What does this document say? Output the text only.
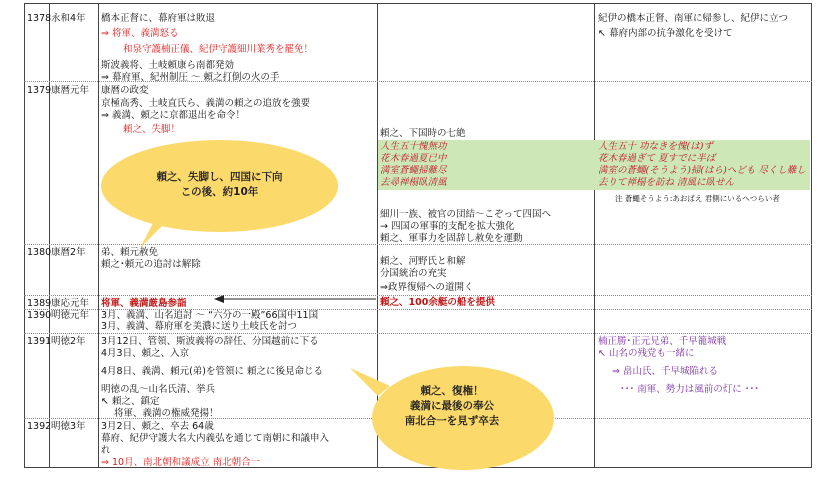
1378 永和4年
1379 康暦元年
1380 康暦2年
1389 康応元年
1390 明徳元年
1391 明徳2年
1392 明徳3年
橋本正督に、幕府軍は敗退
⇒ 将軍、義満怒る
和泉守護楠正儀、紀伊守護細川業秀を罷免！
斯波義将、土岐頼康ら南都発効
⇒ 幕府軍、紀州制圧 ～ 頼之打倒の火の手
康暦の政変
京極高秀、土岐直氏ら、義満の頼之の追放を強要
⇒ 義満、頼之に京都退出を命令！
頼之、失脚！
弟、頼元赦免
頼之･頼元の追討は解除
将軍、義満厳島参詣
3月、義満、山名追討 ～ “六分の一殿”66国中11国
3月、義満、幕府軍を美濃に送り土岐氏を討つ
3月12日、管領、斯波義将の辞任、分国越前に下る
4月3日、頼之、入京
4月8日、義満、頼元(弟)を管領に 頼之に後見命じる
明徳の乱～山名氏清、挙兵
↖ 頼之、鎮定
将軍、義満の権威発揚！
3月2日、頼之、卒去 64歳
幕府、紀伊守護大名大内義弘を通じて南朝に和議申入
れ
⇒ 10月、南北朝和議成立 南北朝合一
頼之、下国時の七絶
人生五十愧無功
花木春過夏已中
満室蒼蠅掃難尽
去尋禅榻臥清風
細川一族、被官の団結～こぞって四国へ
→ 四国の軍事的支配を拡大強化
頼之、軍事力を固辞し赦免を運動
頼之、河野氏と和解
分国統治の充実
⇒政界復帰への道開く
頼之、100余艇の船を提供
紀伊の橋本正督、南軍に帰参し、紀伊に立つ
↖ 幕府内部の抗争激化を受けて
人生五十 功なきを愧(は)ず
花木春過ぎて 夏すでに半ば
満室の蒼蠅(そうよう)掃(はら)へども 尽くし難し
去りて禅榻を訪ね 清風に臥せん
注 蒼蠅そうよう:あおばえ 君側にいるへつらい者
楠正勝･正元兄弟、千早籠城戦
↖ 山名の残党も一緒に
⇒ 畠山氏、千早城陥れる
･･･ 南軍、勢力は風前の灯に ･･･
頼之、失脚し、四国に下向
この後、約10年
頼之、復権！
義満に最後の奉公
南北合一を見ず卒去
